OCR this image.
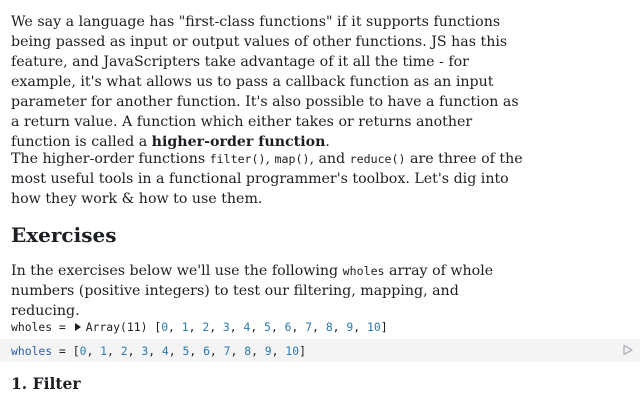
We say a language has "first-class functions" if it supports functions being passed as input or output values of other functions. JS has this feature, and JavaScripters take advantage of it all the time - for example, it's what allows us to pass a callback function as an input parameter for another function. It's also possible to have a function as a return value. A function which either takes or returns another function is called a higher-order function.

The higher-order functions filter(), map(), and reduce() are three of the most useful tools in a functional programmer's toolbox. Let's dig into how they work & how to use them.

Exercises

In the exercises below we'll use the following wholes array of whole numbers (positive integers) to test our filtering, mapping, and reducing.

wholes = Array(11) [0, 1, 2, 3, 4, 5, 6, 7, 8, 9, 10]
wholes = [0, 1, 2, 3, 4, 5, 6, 7, 8, 9, 10]
1. Filter
